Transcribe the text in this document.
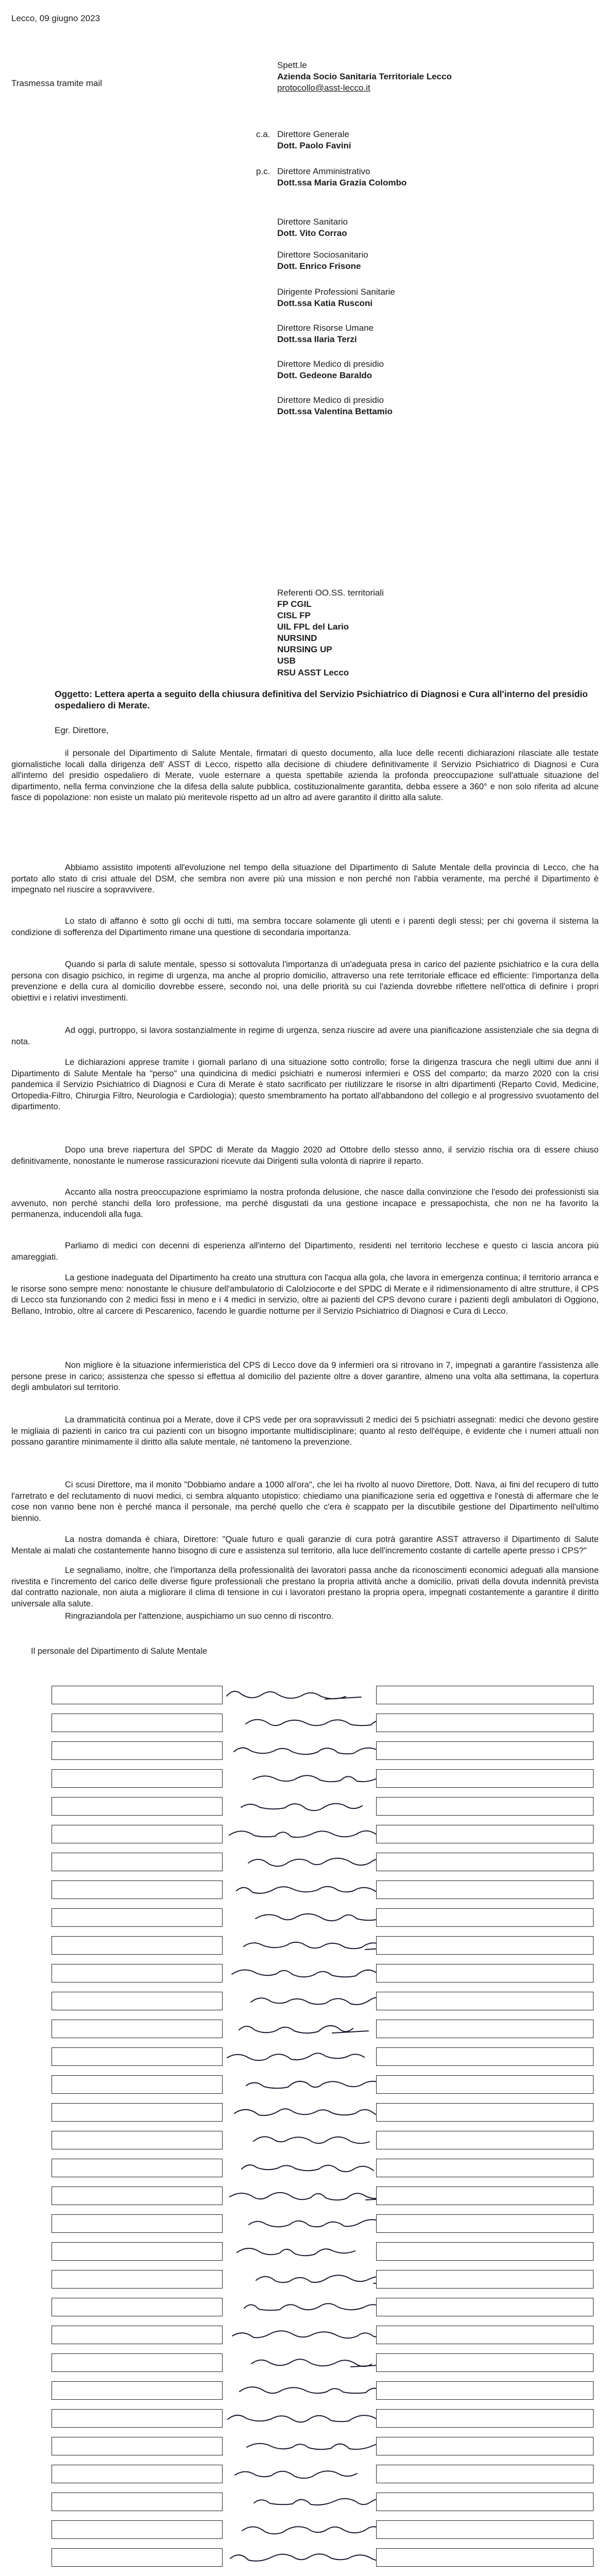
Lecco, 09 giugno 2023
Trasmessa tramite mail
Spett.le
Azienda Socio Sanitaria Territoriale Lecco
protocollo@asst-lecco.it
c.a. Direttore Generale
Dott. Paolo Favini
p.c. Direttore Amministrativo
Dott.ssa Maria Grazia Colombo
Direttore Sanitario
Dott. Vito Corrao
Direttore Sociosanitario
Dott. Enrico Frisone
Dirigente Professioni Sanitarie
Dott.ssa Katia Rusconi
Direttore Risorse Umane
Dott.ssa Ilaria Terzi
Direttore Medico di presidio
Dott. Gedeone Baraldo
Direttore Medico di presidio
Dott.ssa Valentina Bettamio
Referenti OO.SS. territoriali
FP CGIL
CISL FP
UIL FPL del Lario
NURSIND
NURSING UP
USB
RSU ASST Lecco
Oggetto: Lettera aperta a seguito della chiusura definitiva del Servizio Psichiatrico di Diagnosi e Cura all'interno del presidio ospedaliero di Merate.
Egr. Direttore,
il personale del Dipartimento di Salute Mentale, firmatari di questo documento, alla luce delle recenti dichiarazioni rilasciate alle testate giornalistiche locali dalla dirigenza dell' ASST di Lecco, rispetto alla decisione di chiudere definitivamente il Servizio Psichiatrico di Diagnosi e Cura all'interno del presidio ospedaliero di Merate, vuole esternare a questa spettabile azienda la profonda preoccupazione sull'attuale situazione del dipartimento, nella ferma convinzione che la difesa della salute pubblica, costituzionalmente garantita, debba essere a 360° e non solo riferita ad alcune fasce di popolazione: non esiste un malato più meritevole rispetto ad un altro ad avere garantito il diritto alla salute.
Abbiamo assistito impotenti all'evoluzione nel tempo della situazione del Dipartimento di Salute Mentale della provincia di Lecco, che ha portato allo stato di crisi attuale del DSM, che sembra non avere più una mission e non perché non l'abbia veramente, ma perché il Dipartimento è impegnato nel riuscire a sopravvivere.
Lo stato di affanno è sotto gli occhi di tutti, ma sembra toccare solamente gli utenti e i parenti degli stessi; per chi governa il sistema la condizione di sofferenza del Dipartimento rimane una questione di secondaria importanza.
Quando si parla di salute mentale, spesso si sottovaluta l'importanza di un'adeguata presa in carico del paziente psichiatrico e la cura della persona con disagio psichico, in regime di urgenza, ma anche al proprio domicilio, attraverso una rete territoriale efficace ed efficiente: l'importanza della prevenzione e della cura al domicilio dovrebbe essere, secondo noi, una delle priorità su cui l'azienda dovrebbe riflettere nell'ottica di definire i propri obiettivi e i relativi investimenti.
Ad oggi, purtroppo, si lavora sostanzialmente in regime di urgenza, senza riuscire ad avere una pianificazione assistenziale che sia degna di nota.
Le dichiarazioni apprese tramite i giornali parlano di una situazione sotto controllo; forse la dirigenza trascura che negli ultimi due anni il Dipartimento di Salute Mentale ha "perso" una quindicina di medici psichiatri e numerosi infermieri e OSS del comparto; da marzo 2020 con la crisi pandemica il Servizio Psichiatrico di Diagnosi e Cura di Merate è stato sacrificato per riutilizzare le risorse in altri dipartimenti (Reparto Covid, Medicine, Ortopedia-Filtro, Chirurgia Filtro, Neurologia e Cardiologia); questo smembramento ha portato all'abbandono del collegio e al progressivo svuotamento del dipartimento.
Dopo una breve riapertura del SPDC di Merate da Maggio 2020 ad Ottobre dello stesso anno, il servizio rischia ora di essere chiuso definitivamente, nonostante le numerose rassicurazioni ricevute dai Dirigenti sulla volontà di riaprire il reparto.
Accanto alla nostra preoccupazione esprimiamo la nostra profonda delusione, che nasce dalla convinzione che l'esodo dei professionisti sia avvenuto, non perché stanchi della loro professione, ma perché disgustati da una gestione incapace e pressapochista, che non ne ha favorito la permanenza, inducendoli alla fuga.
Parliamo di medici con decenni di esperienza all'interno del Dipartimento, residenti nel territorio lecchese e questo ci lascia ancora più amareggiati.
La gestione inadeguata del Dipartimento ha creato una struttura con l'acqua alla gola, che lavora in emergenza continua; il territorio arranca e le risorse sono sempre meno: nonostante le chiusure dell'ambulatorio di Calolziocorte e del SPDC di Merate e il ridimensionamento di altre strutture, il CPS di Lecco sta funzionando con 2 medici fissi in meno e i 4 medici in servizio, oltre ai pazienti del CPS devono curare i pazienti degli ambulatori di Oggiono, Bellano, Introbio, oltre al carcere di Pescarenico, facendo le guardie notturne per il Servizio Psichiatrico di Diagnosi e Cura di Lecco.
Non migliore è la situazione infermieristica del CPS di Lecco dove da 9 infermieri ora si ritrovano in 7, impegnati a garantire l'assistenza alle persone prese in carico; assistenza che spesso si effettua al domicilio del paziente oltre a dover garantire, almeno una volta alla settimana, la copertura degli ambulatori sul territorio.
La drammaticità continua poi a Merate, dove il CPS vede per ora sopravvissuti 2 medici dei 5 psichiatri assegnati: medici che devono gestire le migliaia di pazienti in carico tra cui pazienti con un bisogno importante multidisciplinare; quanto al resto dell'équipe, è evidente che i numeri attuali non possano garantire minimamente il diritto alla salute mentale, né tantomeno la prevenzione.
Ci scusi Direttore, ma il monito "Dobbiamo andare a 1000 all'ora", che lei ha rivolto al nuovo Direttore, Dott. Nava, ai fini del recupero di tutto l'arretrato e del reclutamento di nuovi medici, ci sembra alquanto utopistico: chiediamo una pianificazione seria ed oggettiva e l'onestà di affermare che le cose non vanno bene non è perché manca il personale, ma perché quello che c'era è scappato per la discutibile gestione del Dipartimento nell'ultimo biennio.
La nostra domanda è chiara, Direttore: "Quale futuro e quali garanzie di cura potrà garantire ASST attraverso il Dipartimento di Salute Mentale ai malati che costantemente hanno bisogno di cure e assistenza sul territorio, alla luce dell'incremento costante di cartelle aperte presso i CPS?"
Le segnaliamo, inoltre, che l'importanza della professionalità dei lavoratori passa anche da riconoscimenti economici adeguati alla mansione rivestita e l'incremento del carico delle diverse figure professionali che prestano la propria attività anche a domicilio, privati della dovuta indennità prevista dal contratto nazionale, non aiuta a migliorare il clima di tensione in cui i lavoratori prestano la propria opera, impegnati costantemente a garantire il diritto universale alla salute.
Ringraziandola per l'attenzione, auspichiamo un suo cenno di riscontro.
Il personale del Dipartimento di Salute Mentale
